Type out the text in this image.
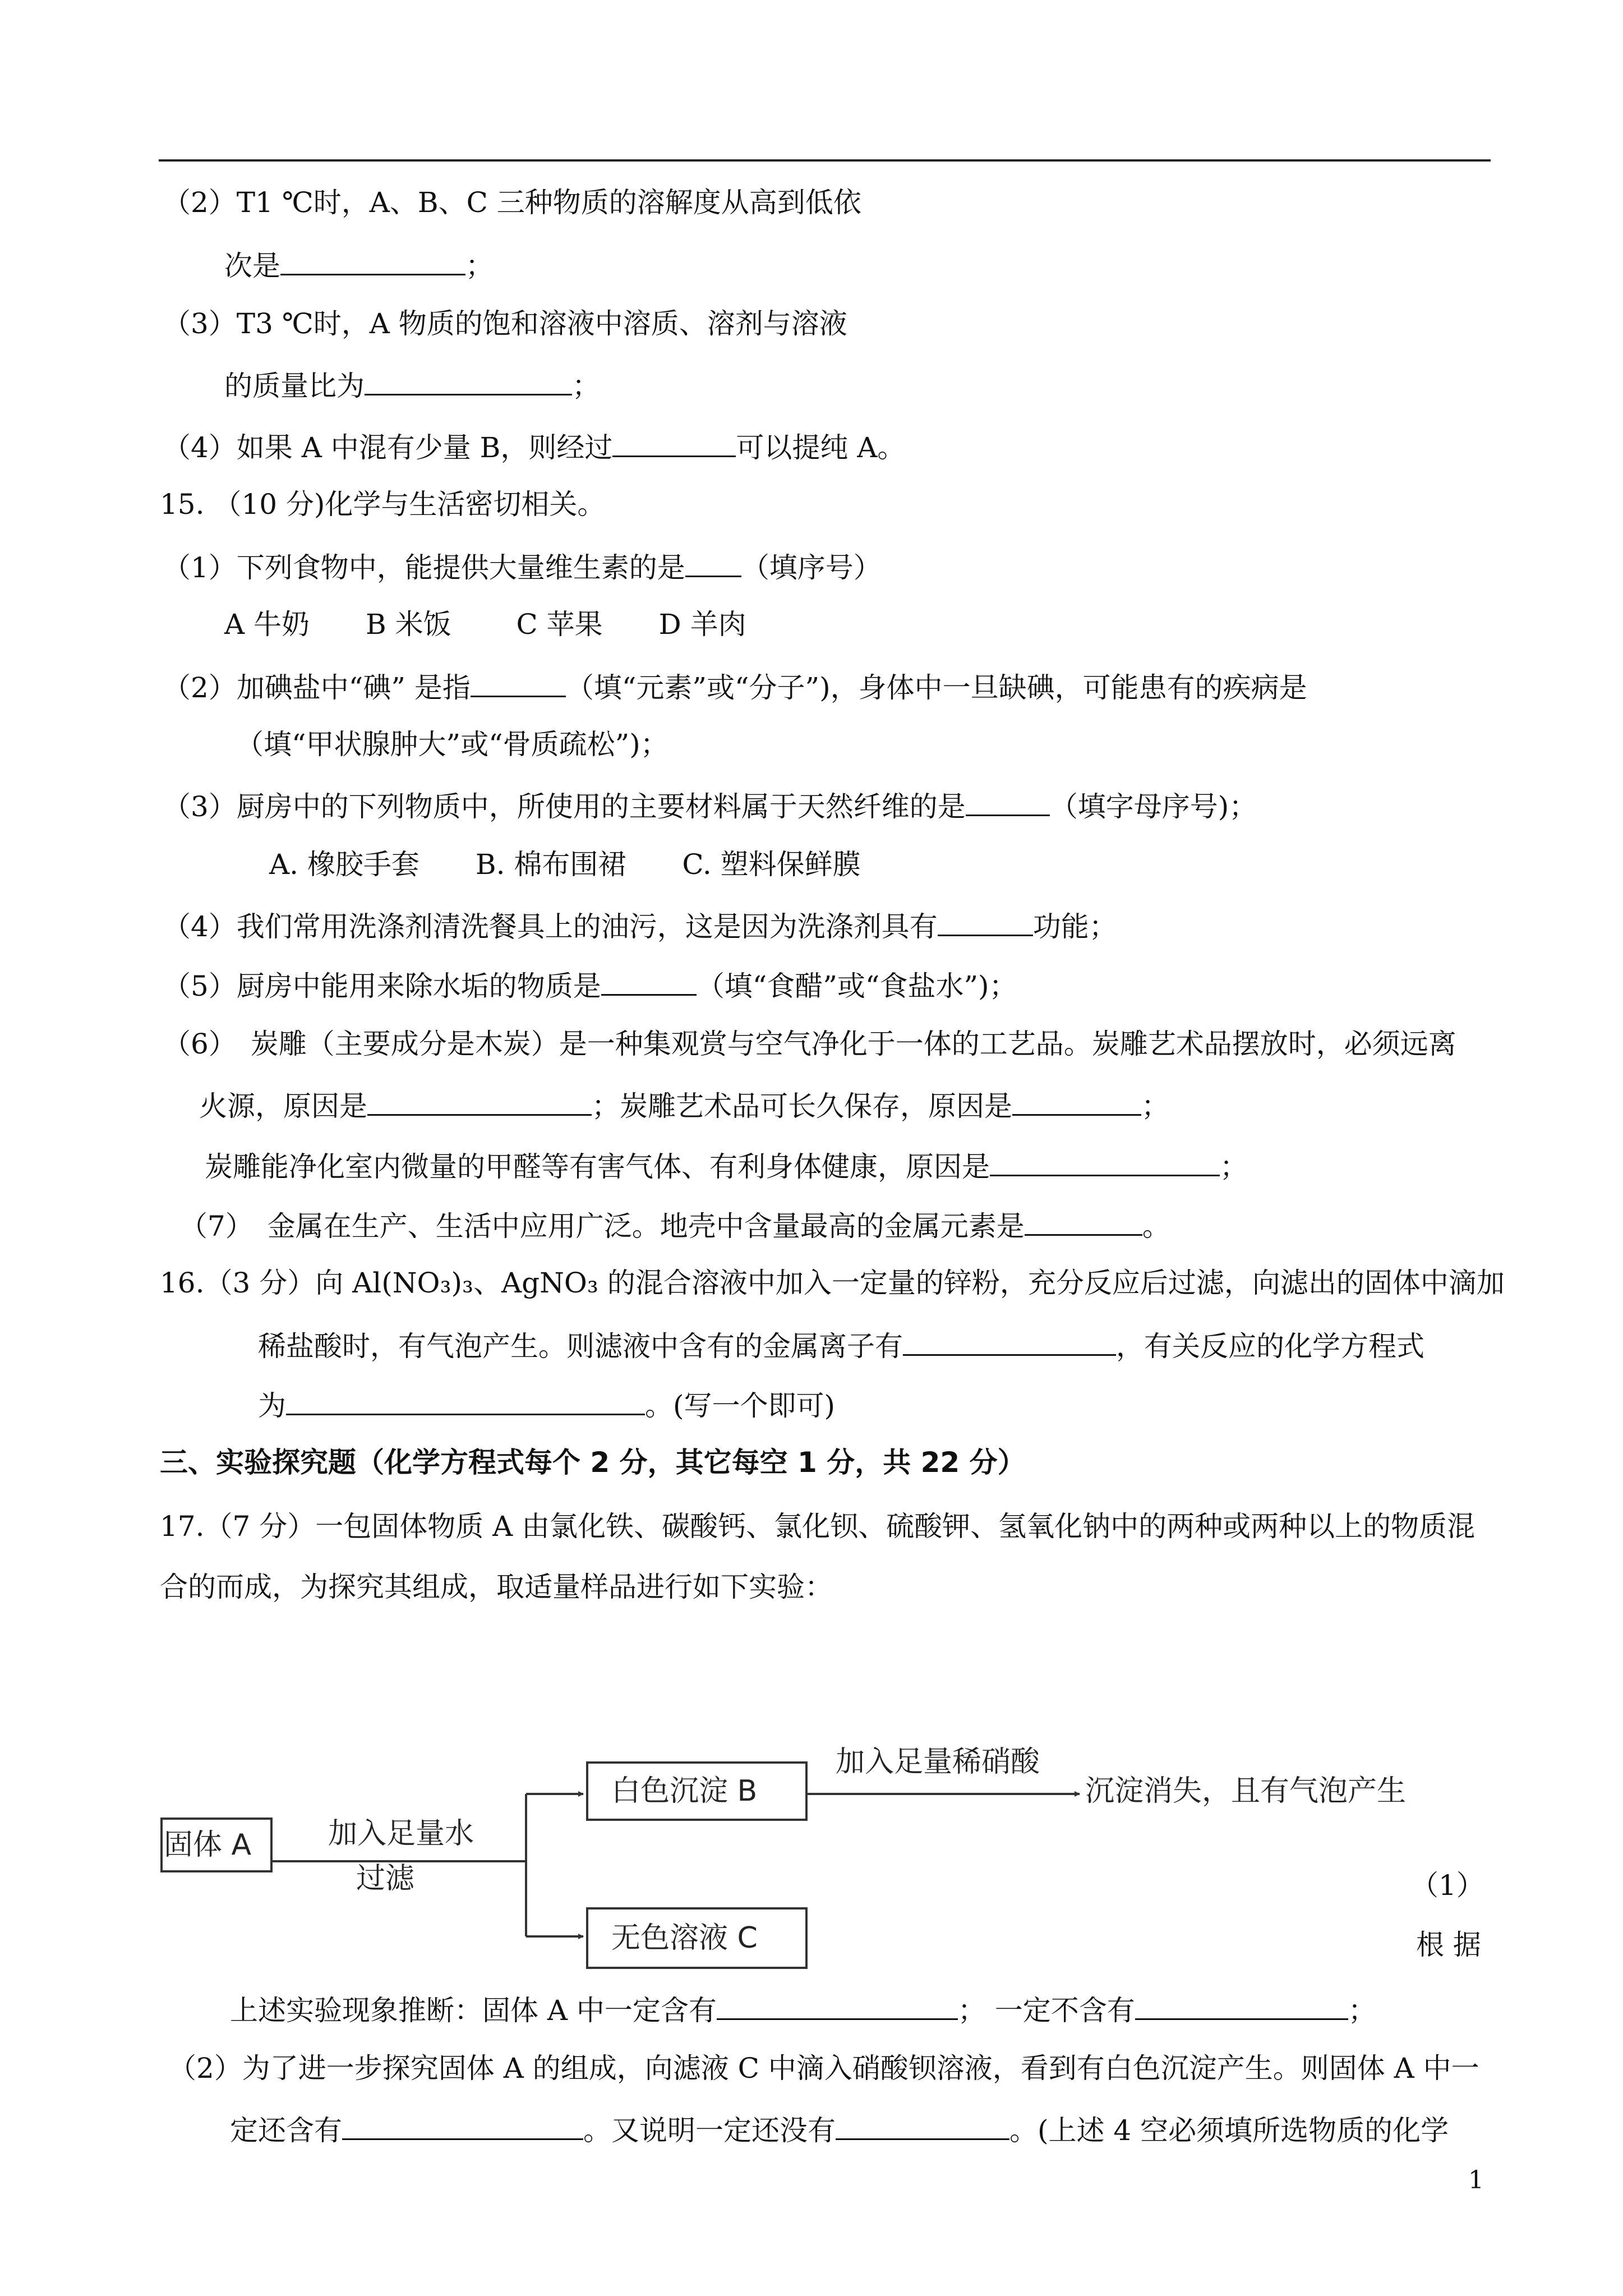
（2）T1 ℃时，A、B、C 三种物质的溶解度从高到低依
次是	；
（3）T3 ℃时，A 物质的饱和溶液中溶质、溶剂与溶液
的质量比为	；
（4）如果 A 中混有少量 B，则经过	可以提纯 A。
15. （10 分)化学与生活密切相关。
（1）下列食物中，能提供大量维生素的是 （填序号）
A 牛奶　　B 米饭　　 C 苹果　　D 羊肉
（2）加碘盐中“碘” 是指	（填“元素”或“分子”)，身体中一旦缺碘，可能患有的疾病是
（填“甲状腺肿大”或“骨质疏松”)；
（3）厨房中的下列物质中，所使用的主要材料属于天然纤维的是	（填字母序号)；
A. 橡胶手套　　B. 棉布围裙　　C. 塑料保鲜膜
（4）我们常用洗涤剂清洗餐具上的油污，这是因为洗涤剂具有	功能；
（5）厨房中能用来除水垢的物质是	（填“食醋”或“食盐水”)；
（6）　炭雕（主要成分是木炭）是一种集观赏与空气净化于一体的工艺品。炭雕艺术品摆放时，必须远离
火源，原因是	；炭雕艺术品可长久保存，原因是	；
炭雕能净化室内微量的甲醛等有害气体、有利身体健康，原因是	；
（7）　金属在生产、生活中应用广泛。地壳中含量最高的金属元素是	。
16.（3 分）向 Al(NO₃)₃、AgNO₃ 的混合溶液中加入一定量的锌粉，充分反应后过滤，向滤出的固体中滴加
稀盐酸时，有气泡产生。则滤液中含有的金属离子有	，有关反应的化学方程式
为	。(写一个即可)
三、实验探究题（化学方程式每个 2 分，其它每空 1 分，共 22 分）
17.（7 分）一包固体物质 A 由氯化铁、碳酸钙、氯化钡、硫酸钾、氢氧化钠中的两种或两种以上的物质混
合的而成，为探究其组成，取适量样品进行如下实验：
固体 A	加入足量水
过滤
白色沉淀 B
加入足量稀硝酸
沉淀消失，且有气泡产生
无色溶液 C
（1）
根 据
上述实验现象推断：固体 A 中一定含有	； 一定不含有	；
（2）为了进一步探究固体 A 的组成，向滤液 C 中滴入硝酸钡溶液，看到有白色沉淀产生。则固体 A 中一
定还含有	。又说明一定还没有	。(上述 4 空必须填所选物质的化学
1
